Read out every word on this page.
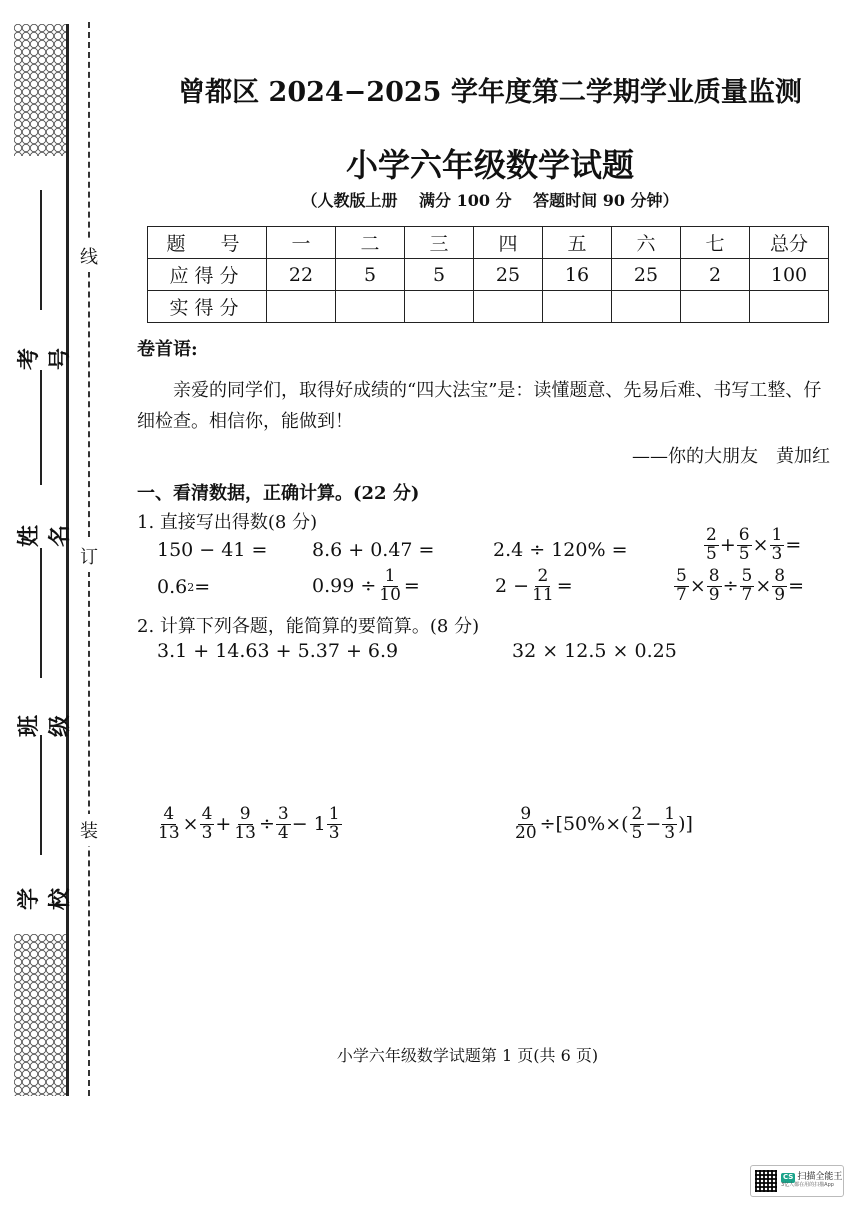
考号
姓名
班级
学校
线
订
装
曾都区 2024−2025 学年度第二学期学业质量监测
小学六年级数学试题
（人教版上册　 满分 100 分　 答题时间 90 分钟）
题　号	一	二	三	四	五	六	七	总分
应得分	22	5	5	25	16	25	2	100
实得分								
卷首语:
亲爱的同学们，取得好成绩的“四大法宝”是：读懂题意、先易后难、书写工整、仔
细检查。相信你，能做到！
——你的大朋友　黄加红
一、看清数据，正确计算。(22 分)
1. 直接写出得数(8 分)
150 − 41 = 8.6 + 0.47 =	2.4 ÷ 120% =	$\frac{2}{5} + \frac{6}{5} \times \frac{1}{3}$ =
0.6 2 =	$0.99 \div \frac{1}{10}$ =	$2 - \frac{2}{11}$ =	$\frac{5}{7} \times \frac{8}{9} \div \frac{5}{7} \times \frac{8}{9}$ =
2. 计算下列各题，能简算的要简算。(8 分)
3.1 + 14.63 + 5.37 + 6.9	32 × 12.5 × 0.25
$\frac{4}{13} \times \frac{4}{3} + \frac{9}{13} \div \frac{3}{4} - 1 \frac{1}{3}$	$\frac{9}{20} \div[50\%\times( \frac{2}{5} - \frac{1}{3}$ )]
小学六年级数学试题第 1 页(共 6 页)
CS 扫描全能王
3亿人都在用的扫描App
